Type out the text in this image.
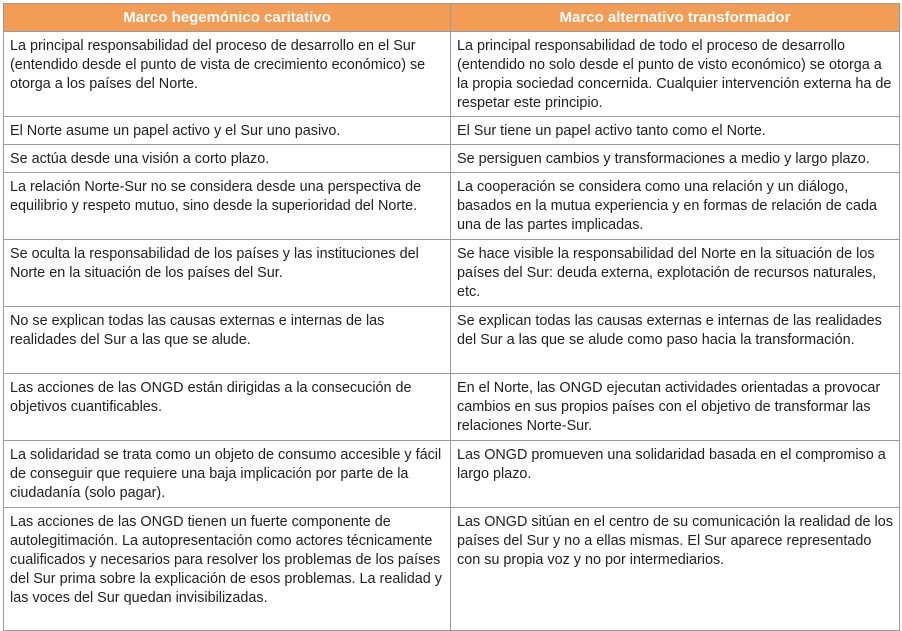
Marco hegemónico caritativo	Marco alternativo transformador
La principal responsabilidad del proceso de desarrollo en el Sur (entendido desde el punto de vista de crecimiento económico) se otorga a los países del Norte.	La principal responsabilidad de todo el proceso de desarrollo (entendido no solo desde el punto de visto económico) se otorga a la propia sociedad concernida. Cualquier intervención externa ha de respetar este principio.
El Norte asume un papel activo y el Sur uno pasivo.	El Sur tiene un papel activo tanto como el Norte.
Se actúa desde una visión a corto plazo.	Se persiguen cambios y transformaciones a medio y largo plazo.
La relación Norte-Sur no se considera desde una perspectiva de equilibrio y respeto mutuo, sino desde la superioridad del Norte.	La cooperación se considera como una relación y un diálogo, basados en la mutua experiencia y en formas de relación de cada una de las partes implicadas.
Se oculta la responsabilidad de los países y las instituciones del Norte en la situación de los países del Sur.	Se hace visible la responsabilidad del Norte en la situación de los países del Sur: deuda externa, explotación de recursos naturales, etc.
No se explican todas las causas externas e internas de las realidades del Sur a las que se alude.	Se explican todas las causas externas e internas de las realidades del Sur a las que se alude como paso hacia la transformación.
Las acciones de las ONGD están dirigidas a la consecución de objetivos cuantificables.	En el Norte, las ONGD ejecutan actividades orientadas a provocar cambios en sus propios países con el objetivo de transformar las relaciones Norte-Sur.
La solidaridad se trata como un objeto de consumo accesible y fácil de conseguir que requiere una baja implicación por parte de la ciudadanía (solo pagar).	Las ONGD promueven una solidaridad basada en el compromiso a largo plazo.
Las acciones de las ONGD tienen un fuerte componente de autolegitimación. La autopresentación como actores técnicamente cualificados y necesarios para resolver los problemas de los países del Sur prima sobre la explicación de esos problemas. La realidad y las voces del Sur quedan invisibilizadas.	Las ONGD sitúan en el centro de su comunicación la realidad de los países del Sur y no a ellas mismas. El Sur aparece representado con su propia voz y no por intermediarios.
